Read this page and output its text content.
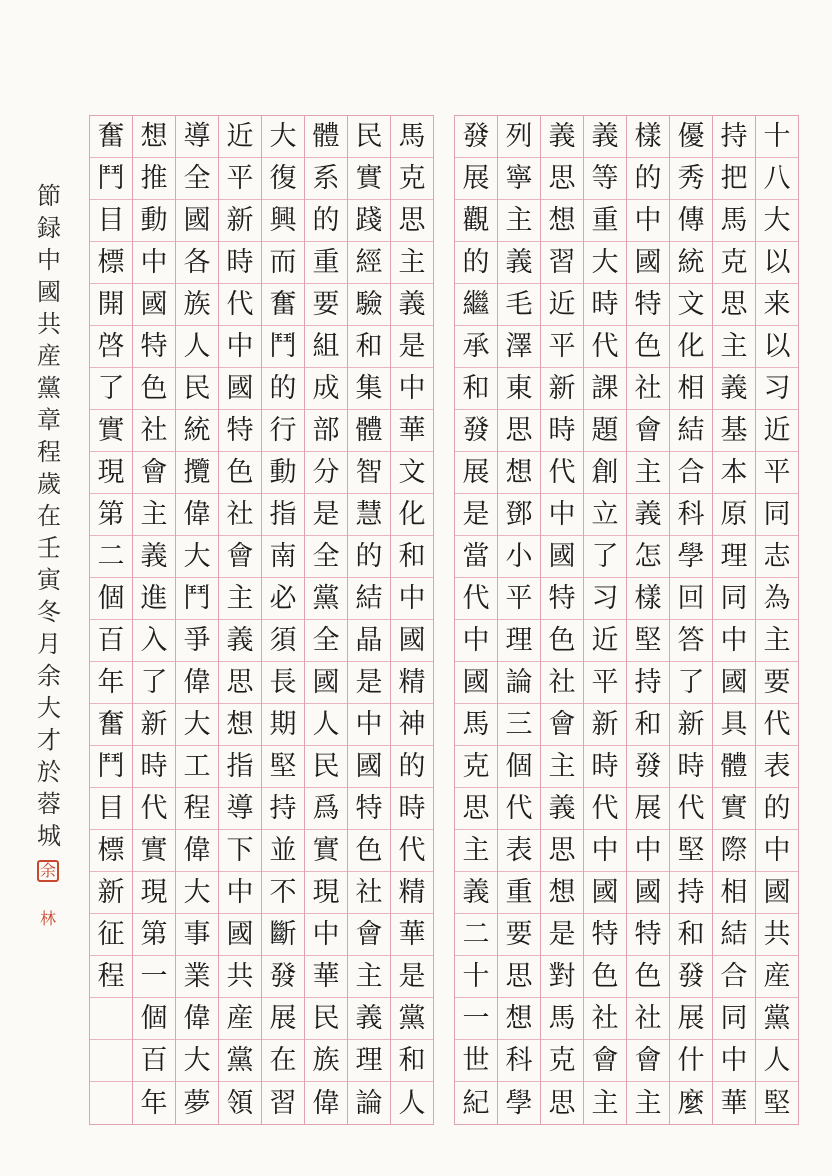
十
八
大
以
来
以
习
近
平
同
志
為
主
要
代
表
的
中
國
共
産
黨
人
堅
持
把
馬
克
思
主
義
基
本
原
理
同
中
國
具
體
實
際
相
結
合
同
中
華
優
秀
傳
統
文
化
相
結
合
科
學
回
答
了
新
時
代
堅
持
和
發
展
什
麼
樣
的
中
國
特
色
社
會
主
義
怎
樣
堅
持
和
發
展
中
國
特
色
社
會
主
義
等
重
大
時
代
課
題
創
立
了
习
近
平
新
時
代
中
國
特
色
社
會
主
義
思
想
習
近
平
新
時
代
中
國
特
色
社
會
主
義
思
想
是
對
馬
克
思
列
寧
主
義
毛
澤
東
思
想
鄧
小
平
理
論
三
個
代
表
重
要
思
想
科
學
發
展
觀
的
繼
承
和
發
展
是
當
代
中
國
馬
克
思
主
義
二
十
一
世
紀
馬
克
思
主
義
是
中
華
文
化
和
中
國
精
神
的
時
代
精
華
是
黨
和
人
民
實
踐
經
驗
和
集
體
智
慧
的
結
晶
是
中
國
特
色
社
會
主
義
理
論
體
系
的
重
要
組
成
部
分
是
全
黨
全
國
人
民
爲
實
現
中
華
民
族
偉
大
復
興
而
奮
鬥
的
行
動
指
南
必
須
長
期
堅
持
並
不
斷
發
展
在
習
近
平
新
時
代
中
國
特
色
社
會
主
義
思
想
指
導
下
中
國
共
産
黨
領
導
全
國
各
族
人
民
統
攬
偉
大
鬥
爭
偉
大
工
程
偉
大
事
業
偉
大
夢
想
推
動
中
國
特
色
社
會
主
義
進
入
了
新
時
代
實
現
第
一
個
百
年
奮
鬥
目
標
開
啓
了
實
現
第
二
個
百
年
奮
鬥
目
標
新
征
程
節
録
中
國
共
産
黨
章
程
歲
在
壬
寅
冬
月
余
大
才
於
蓉
城
余
林
